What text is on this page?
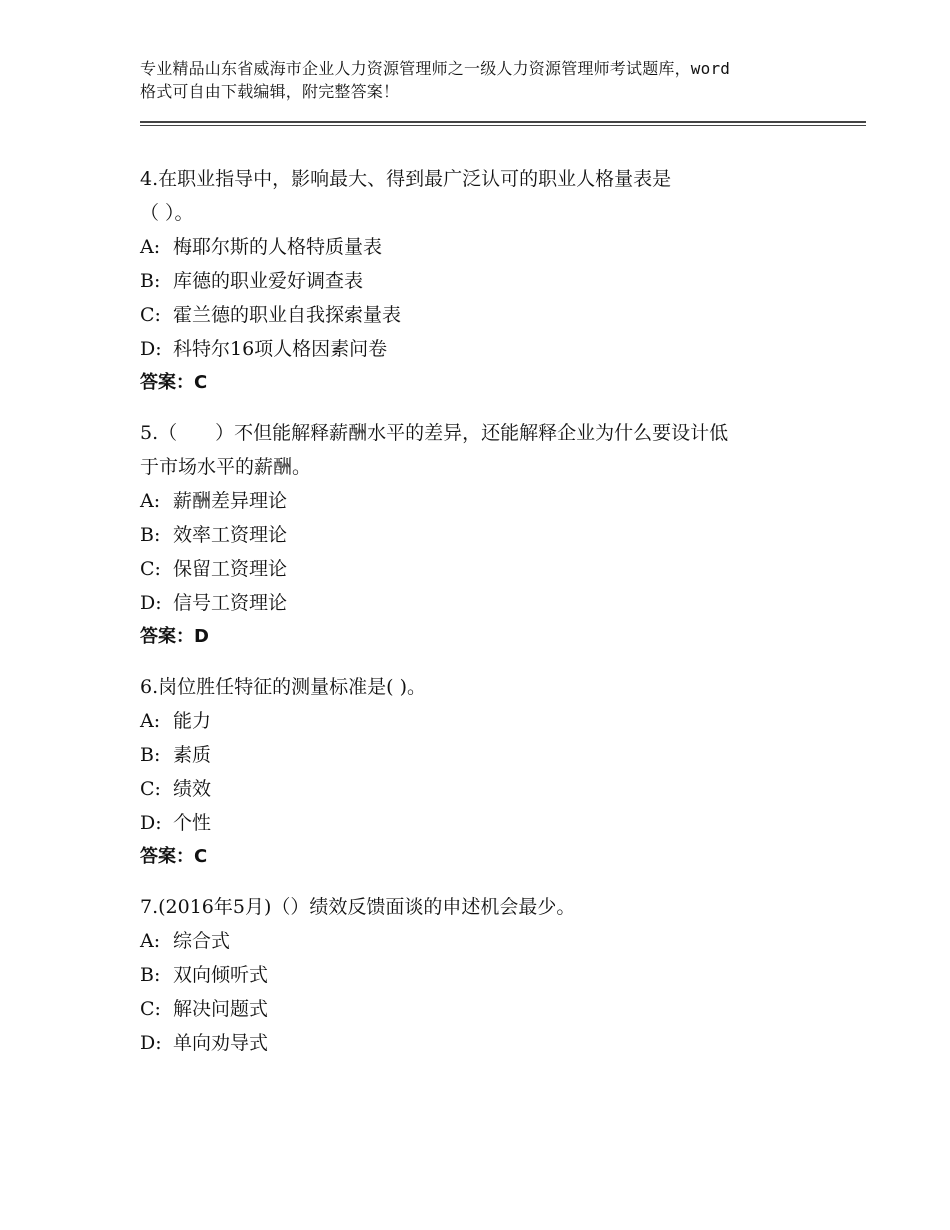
专业精品山东省威海市企业人力资源管理师之一级人力资源管理师考试题库，word
格式可自由下载编辑，附完整答案！
4.在职业指导中，影响最大、得到最广泛认可的职业人格量表是
（ ）。
A: 梅耶尔斯的人格特质量表
B: 库德的职业爱好调查表
C: 霍兰德的职业自我探索量表
D: 科特尔16项人格因素问卷
答案：C
5.（　　）不但能解释薪酬水平的差异，还能解释企业为什么要设计低
于市场水平的薪酬。
A: 薪酬差异理论
B: 效率工资理论
C: 保留工资理论
D: 信号工资理论
答案：D
6.岗位胜任特征的测量标准是( )。
A: 能力
B: 素质
C: 绩效
D: 个性
答案：C
7.(2016年5月)（）绩效反馈面谈的申述机会最少。
A: 综合式
B: 双向倾听式
C: 解决问题式
D: 单向劝导式
